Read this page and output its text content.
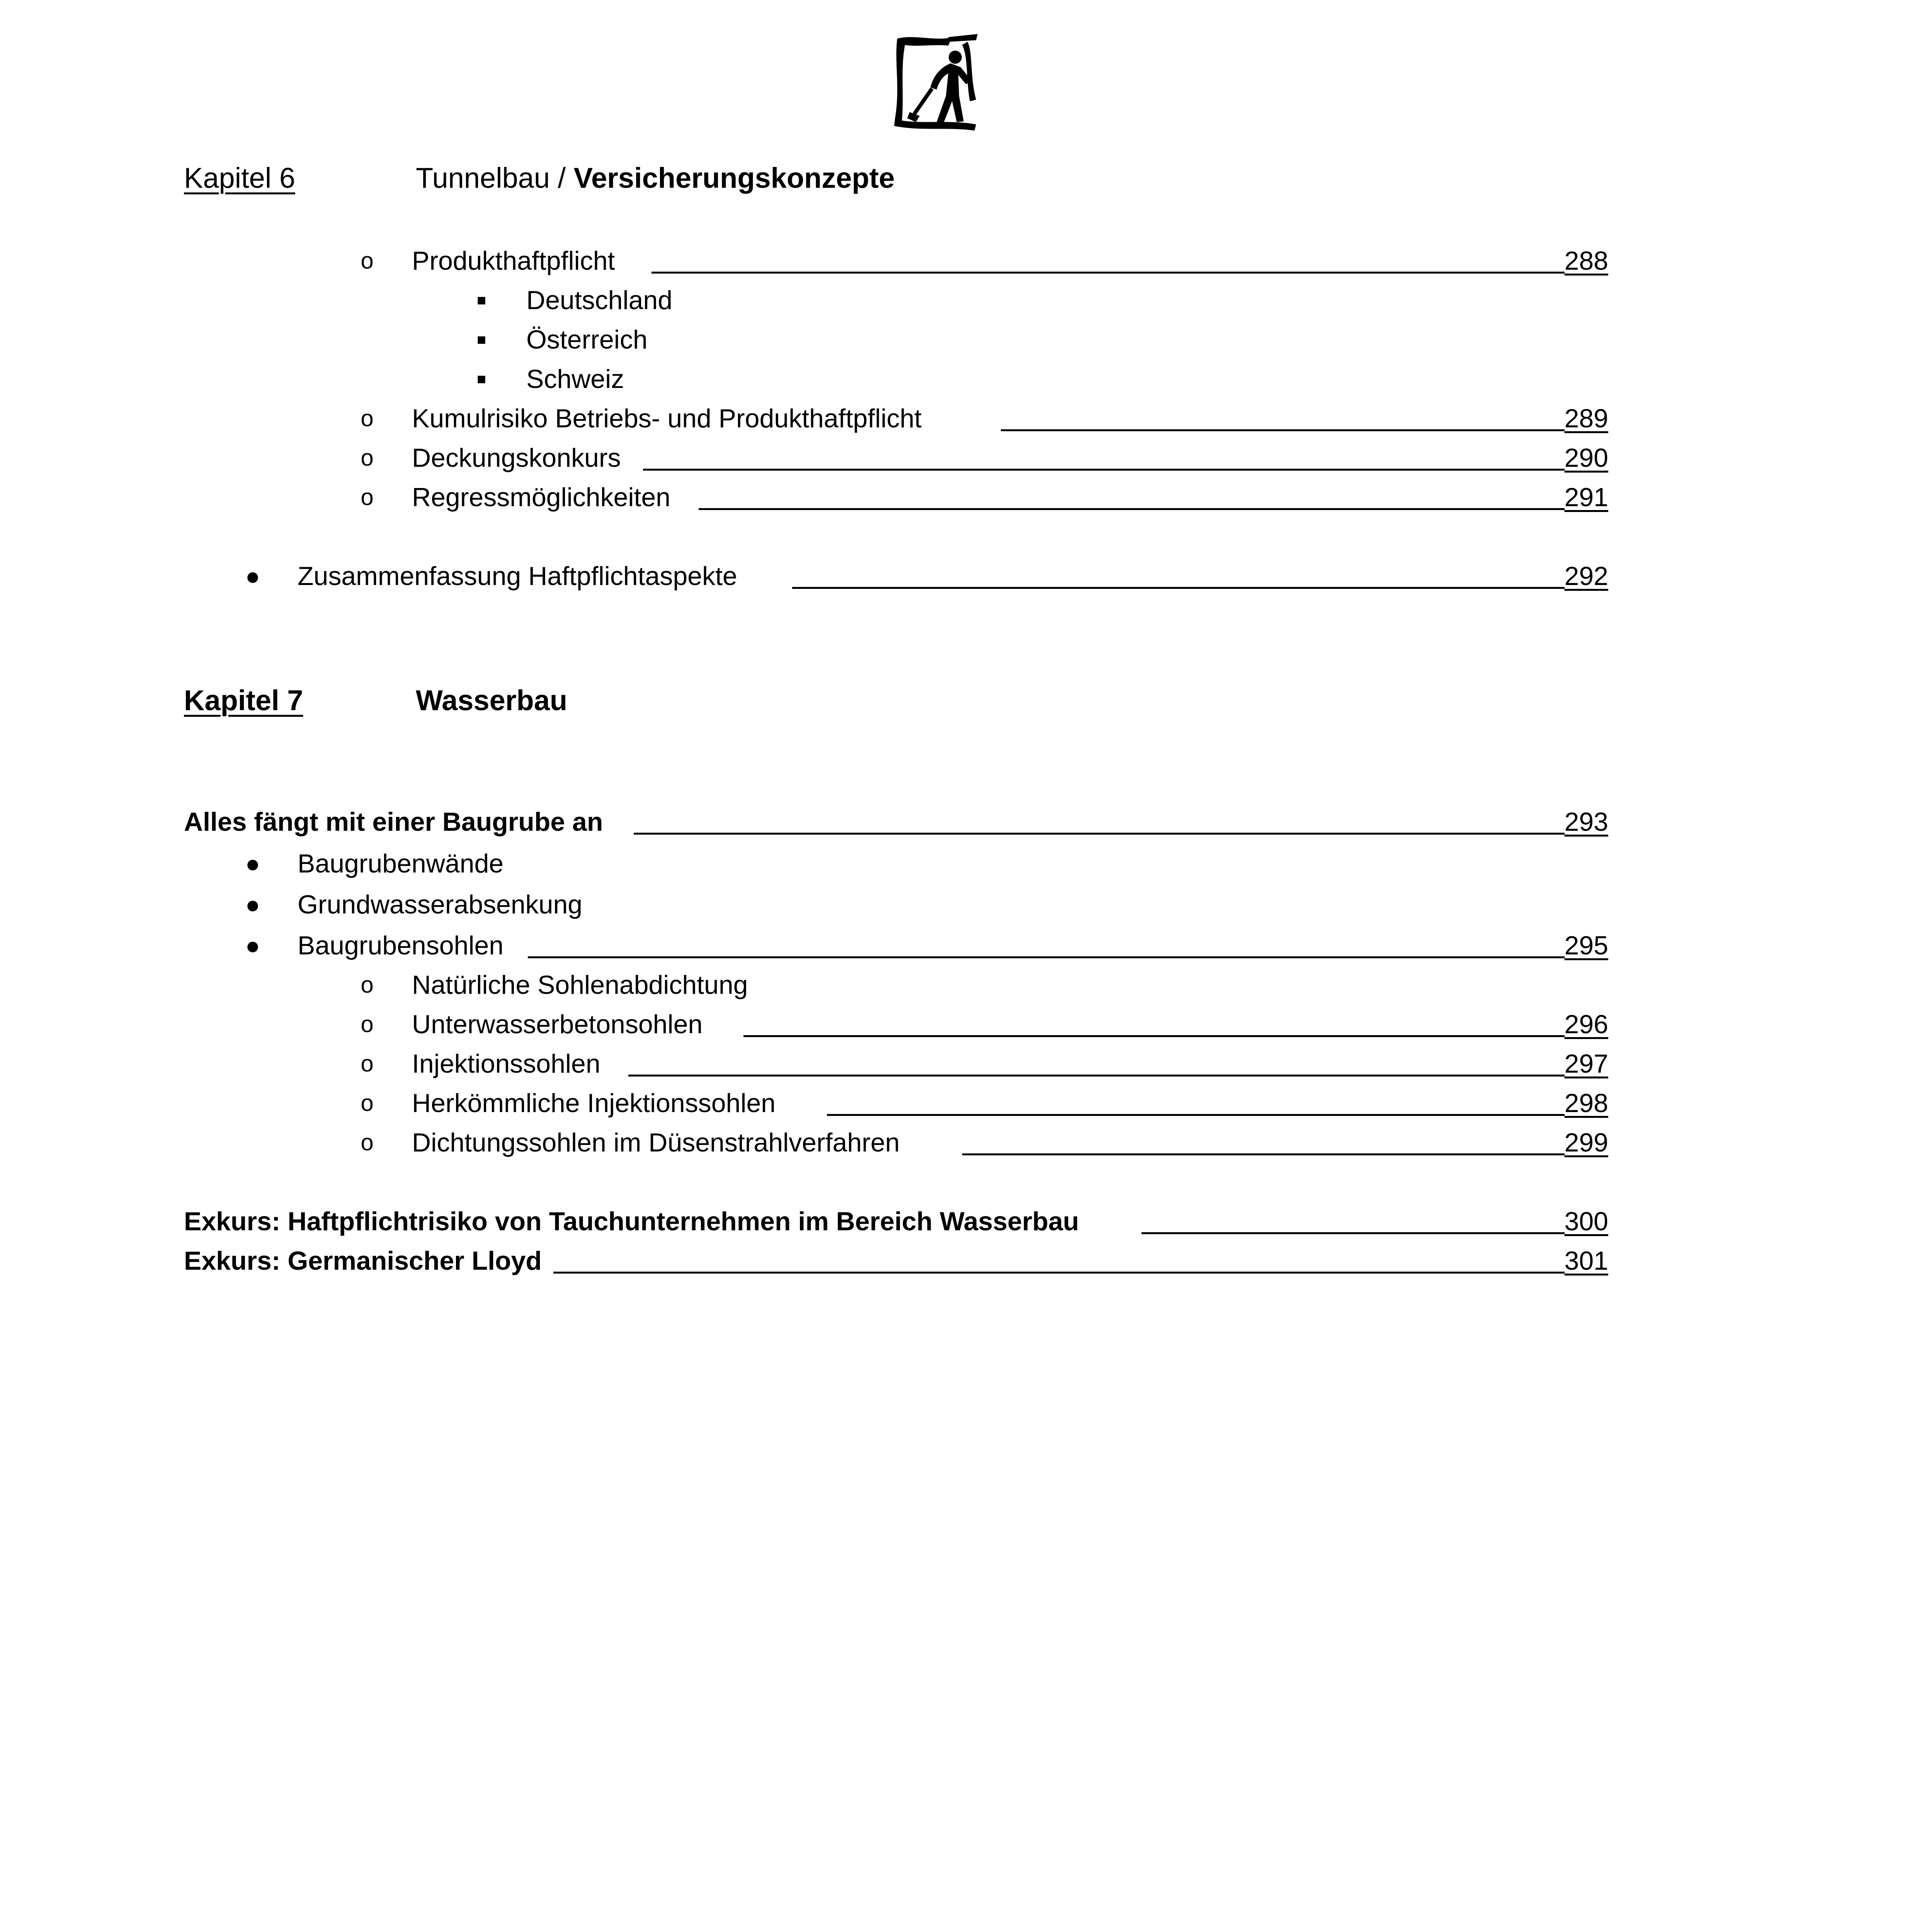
Kapitel 6	Tunnelbau / Versicherungskonzepte
o Produkthaftpflicht	288
■ Deutschland
■ Österreich
■ Schweiz
o Kumulrisiko Betriebs- und Produkthaftpflicht	289
o Deckungskonkurs	290
o Regressmöglichkeiten	291
● Zusammenfassung Haftpflichtaspekte	292
Kapitel 7	Wasserbau
Alles fängt mit einer Baugrube an	293
● Baugrubenwände
● Grundwasserabsenkung
● Baugrubensohlen	295
o Natürliche Sohlenabdichtung
o Unterwasserbetonsohlen	296
o Injektionssohlen	297
o Herkömmliche Injektionssohlen	298
o Dichtungssohlen im Düsenstrahlverfahren	299
Exkurs: Haftpflichtrisiko von Tauchunternehmen im Bereich Wasserbau	300
Exkurs: Germanischer Lloyd	301
